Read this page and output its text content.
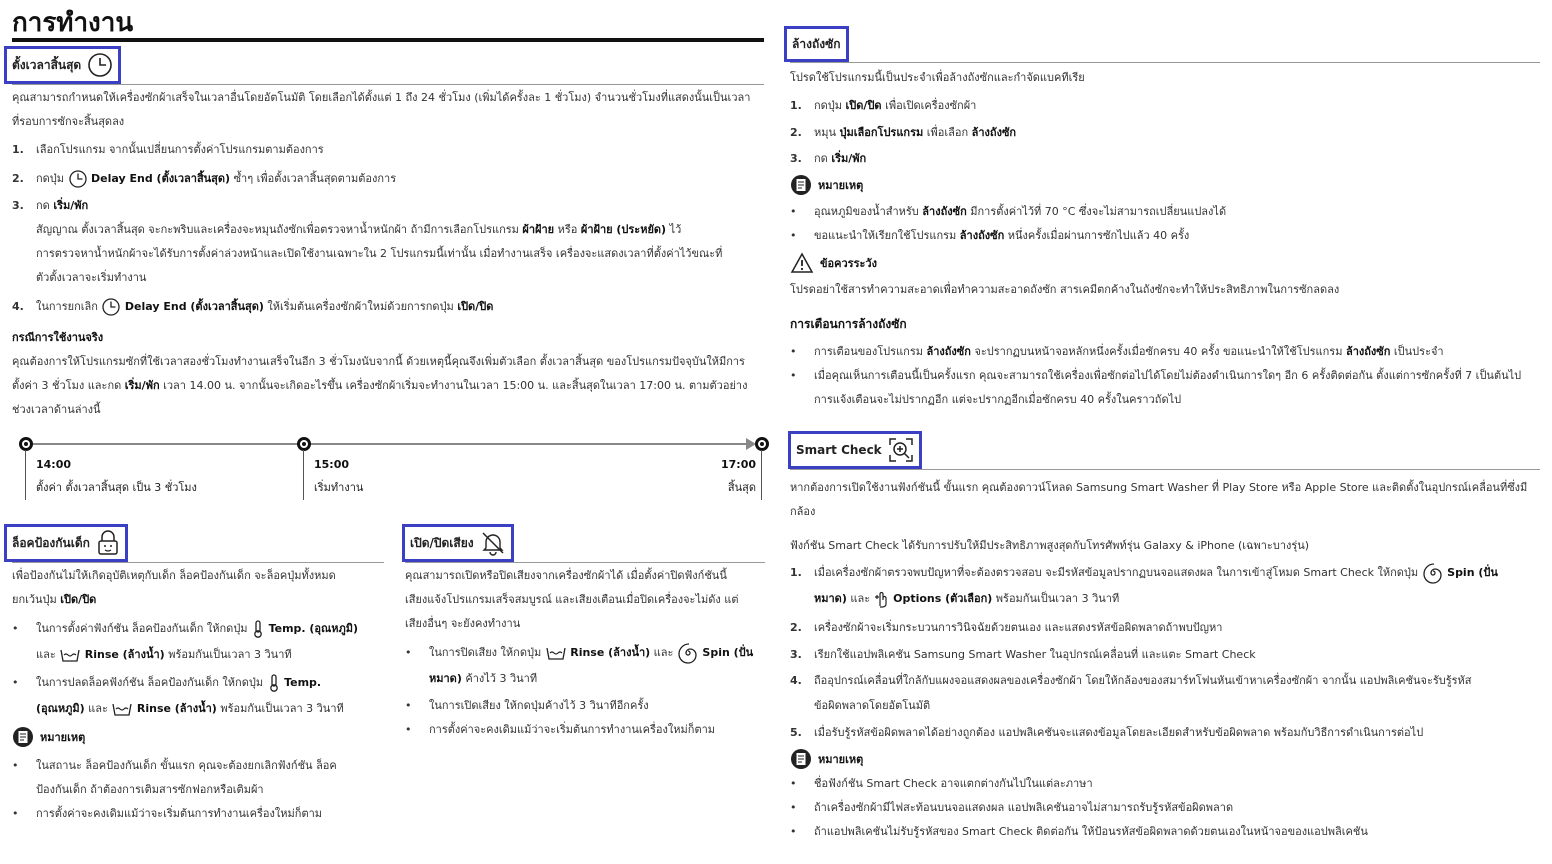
การทำงาน
ตั้งเวลาสิ้นสุด
คุณสามารถกำหนดให้เครื่องซักผ้าเสร็จในเวลาอื่นโดยอัตโนมัติ โดยเลือกได้ตั้งแต่ 1 ถึง 24 ชั่วโมง (เพิ่มได้ครั้งละ 1 ชั่วโมง) จำนวนชั่วโมงที่แสดงนั้นเป็นเวลา
ที่รอบการซักจะสิ้นสุดลง
1. เลือกโปรแกรม จากนั้นเปลี่ยนการตั้งค่าโปรแกรมตามต้องการ
2. กดปุ่ม Delay End (ตั้งเวลาสิ้นสุด) ซ้ำๆ เพื่อตั้งเวลาสิ้นสุดตามต้องการ
3. กด เริ่ม/พัก
สัญญาณ ตั้งเวลาสิ้นสุด จะกะพริบและเครื่องจะหมุนถังซักเพื่อตรวจหาน้ำหนักผ้า ถ้ามีการเลือกโปรแกรม ผ้าฝ้าย หรือ ผ้าฝ้าย (ประหยัด) ไว้
การตรวจหาน้ำหนักผ้าจะได้รับการตั้งค่าล่วงหน้าและเปิดใช้งานเฉพาะใน 2 โปรแกรมนี้เท่านั้น เมื่อทำงานเสร็จ เครื่องจะแสดงเวลาที่ตั้งค่าไว้ขณะที่
ตัวตั้งเวลาจะเริ่มทำงาน
4. ในการยกเลิก Delay End (ตั้งเวลาสิ้นสุด) ให้เริ่มต้นเครื่องซักผ้าใหม่ด้วยการกดปุ่ม เปิด/ปิด
กรณีการใช้งานจริง
คุณต้องการให้โปรแกรมซักที่ใช้เวลาสองชั่วโมงทำงานเสร็จในอีก 3 ชั่วโมงนับจากนี้ ด้วยเหตุนี้คุณจึงเพิ่มตัวเลือก ตั้งเวลาสิ้นสุด ของโปรแกรมปัจจุบันให้มีการ
ตั้งค่า 3 ชั่วโมง และกด เริ่ม/พัก เวลา 14.00 น. จากนั้นจะเกิดอะไรขึ้น เครื่องซักผ้าเริ่มจะทำงานในเวลา 15:00 น. และสิ้นสุดในเวลา 17:00 น. ตามตัวอย่าง
ช่วงเวลาด้านล่างนี้
14:00
ตั้งค่า ตั้งเวลาสิ้นสุด เป็น 3 ชั่วโมง
15:00
เริ่มทำงาน
17:00
สิ้นสุด
ล็อคป้องกันเด็ก
เพื่อป้องกันไม่ให้เกิดอุบัติเหตุกับเด็ก ล็อคป้องกันเด็ก จะล็อคปุ่มทั้งหมด
ยกเว้นปุ่ม เปิด/ปิด
• ในการตั้งค่าฟังก์ชัน ล็อคป้องกันเด็ก ให้กดปุ่ม Temp. (อุณหภูมิ)
และ	Rinse (ล้างน้ำ) พร้อมกันเป็นเวลา 3 วินาที
• ในการปลดล็อคฟังก์ชัน ล็อคป้องกันเด็ก ให้กดปุ่ม Temp.
(อุณหภูมิ) และ	Rinse (ล้างน้ำ) พร้อมกันเป็นเวลา 3 วินาที
หมายเหตุ
• ในสถานะ ล็อคป้องกันเด็ก ขั้นแรก คุณจะต้องยกเลิกฟังก์ชัน ล็อค
ป้องกันเด็ก ถ้าต้องการเติมสารซักฟอกหรือเติมผ้า
• การตั้งค่าจะคงเดิมแม้ว่าจะเริ่มต้นการทำงานเครื่องใหม่ก็ตาม
เปิด/ปิดเสียง
คุณสามารถเปิดหรือปิดเสียงจากเครื่องซักผ้าได้ เมื่อตั้งค่าปิดฟังก์ชันนี้
เสียงแจ้งโปรแกรมเสร็จสมบูรณ์ และเสียงเตือนเมื่อปิดเครื่องจะไม่ดัง แต่
เสียงอื่นๆ จะยังคงทำงาน
• ในการปิดเสียง ให้กดปุ่ม	Rinse (ล้างน้ำ) และ	Spin (ปั่น
หมาด) ค้างไว้ 3 วินาที
• ในการเปิดเสียง ให้กดปุ่มค้างไว้ 3 วินาทีอีกครั้ง
• การตั้งค่าจะคงเดิมแม้ว่าจะเริ่มต้นการทำงานเครื่องใหม่ก็ตาม
ล้างถังซัก
โปรดใช้โปรแกรมนี้เป็นประจำเพื่อล้างถังซักและกำจัดแบคทีเรีย
1. กดปุ่ม เปิด/ปิด เพื่อเปิดเครื่องซักผ้า
2. หมุน ปุ่มเลือกโปรแกรม เพื่อเลือก ล้างถังซัก
3. กด เริ่ม/พัก
หมายเหตุ
• อุณหภูมิของน้ำสำหรับ ล้างถังซัก มีการตั้งค่าไว้ที่ 70 °C ซึ่งจะไม่สามารถเปลี่ยนแปลงได้
• ขอแนะนำให้เรียกใช้โปรแกรม ล้างถังซัก หนึ่งครั้งเมื่อผ่านการซักไปแล้ว 40 ครั้ง
ข้อควรระวัง
โปรดอย่าใช้สารทำความสะอาดเพื่อทำความสะอาดถังซัก สารเคมีตกค้างในถังซักจะทำให้ประสิทธิภาพในการซักลดลง
การเตือนการล้างถังซัก
• การเตือนของโปรแกรม ล้างถังซัก จะปรากฏบนหน้าจอหลักหนึ่งครั้งเมื่อซักครบ 40 ครั้ง ขอแนะนำให้ใช้โปรแกรม ล้างถังซัก เป็นประจำ
• เมื่อคุณเห็นการเตือนนี้เป็นครั้งแรก คุณจะสามารถใช้เครื่องเพื่อซักต่อไปได้โดยไม่ต้องดำเนินการใดๆ อีก 6 ครั้งติดต่อกัน ตั้งแต่การซักครั้งที่ 7 เป็นต้นไป
การแจ้งเตือนจะไม่ปรากฏอีก แต่จะปรากฏอีกเมื่อซักครบ 40 ครั้งในคราวถัดไป
Smart Check
หากต้องการเปิดใช้งานฟังก์ชันนี้ ขั้นแรก คุณต้องดาวน์โหลด Samsung Smart Washer ที่ Play Store หรือ Apple Store และติดตั้งในอุปกรณ์เคลื่อนที่ซึ่งมี
กล้อง
ฟังก์ชัน Smart Check ได้รับการปรับให้มีประสิทธิภาพสูงสุดกับโทรศัพท์รุ่น Galaxy & iPhone (เฉพาะบางรุ่น)
1. เมื่อเครื่องซักผ้าตรวจพบปัญหาที่จะต้องตรวจสอบ จะมีรหัสข้อมูลปรากฏบนจอแสดงผล ในการเข้าสู่โหมด Smart Check ให้กดปุ่ม	Spin (ปั่น
หมาด) และ Options (ตัวเลือก) พร้อมกันเป็นเวลา 3 วินาที
2. เครื่องซักผ้าจะเริ่มกระบวนการวินิจฉัยด้วยตนเอง และแสดงรหัสข้อผิดพลาดถ้าพบปัญหา
3. เรียกใช้แอปพลิเคชัน Samsung Smart Washer ในอุปกรณ์เคลื่อนที่ และแตะ Smart Check
4. ถืออุปกรณ์เคลื่อนที่ใกล้กับแผงจอแสดงผลของเครื่องซักผ้า โดยให้กล้องของสมาร์ทโฟนหันเข้าหาเครื่องซักผ้า จากนั้น แอปพลิเคชันจะรับรู้รหัส
ข้อผิดพลาดโดยอัตโนมัติ
5. เมื่อรับรู้รหัสข้อผิดพลาดได้อย่างถูกต้อง แอปพลิเคชันจะแสดงข้อมูลโดยละเอียดสำหรับข้อผิดพลาด พร้อมกับวิธีการดำเนินการต่อไป
หมายเหตุ
• ชื่อฟังก์ชัน Smart Check อาจแตกต่างกันไปในแต่ละภาษา
• ถ้าเครื่องซักผ้ามีไฟสะท้อนบนจอแสดงผล แอปพลิเคชันอาจไม่สามารถรับรู้รหัสข้อผิดพลาด
• ถ้าแอปพลิเคชันไม่รับรู้รหัสของ Smart Check ติดต่อกัน ให้ป้อนรหัสข้อผิดพลาดด้วยตนเองในหน้าจอของแอปพลิเคชัน
